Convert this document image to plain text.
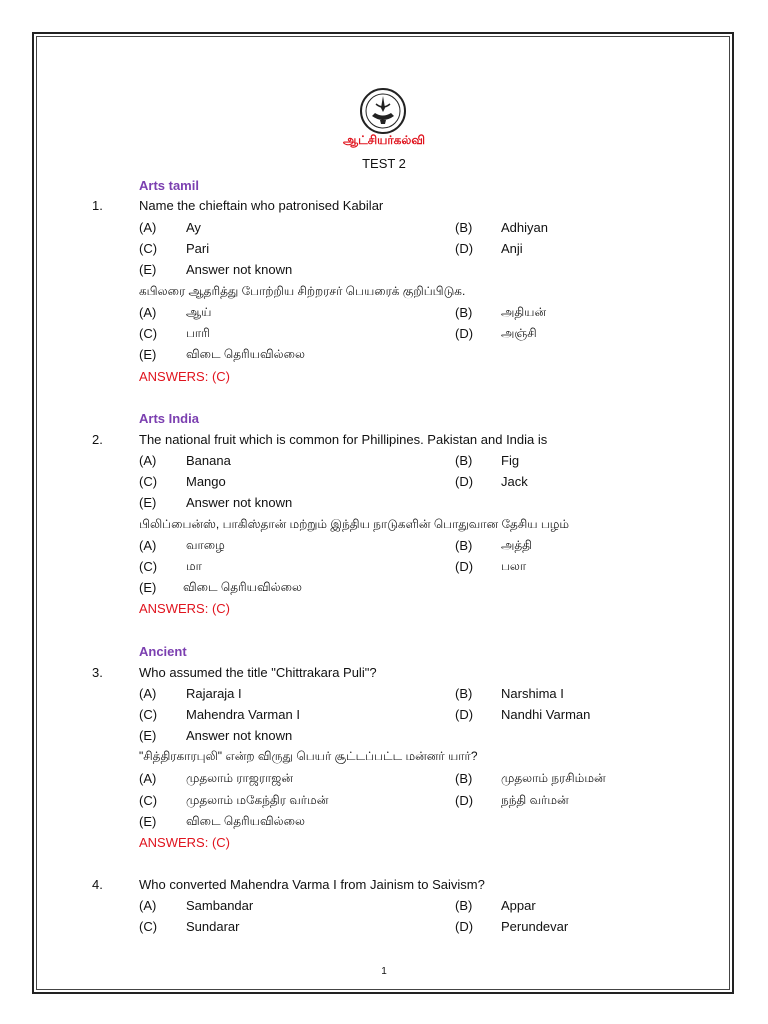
ஆட்சியர்கல்வி
TEST 2
Arts tamil
1.	Name the chieftain who patronised Kabilar
(A) Ay	(B) Adhiyan
(C) Pari	(D) Anji
(E) Answer not known
கபிலரை ஆதரித்து போற்றிய சிற்றரசர் பெயரைக் குறிப்பிடுக.
(A) ஆய்	(B) அதியன்
(C) பாரி	(D) அஞ்சி
(E) விடை தெரியவில்லை
ANSWERS: (C)
Arts India
2.	The national fruit which is common for Phillipines. Pakistan and India is
(A) Banana	(B) Fig
(C) Mango	(D) Jack
(E) Answer not known
பிலிப்பைன்ஸ், பாகிஸ்தான் மற்றும் இந்திய நாடுகளின் பொதுவான தேசிய பழம்
(A) வாழை	(B) அத்தி
(C) மா	(D) பலா
(E) விடை தெரியவில்லை
ANSWERS: (C)
Ancient
3.	Who assumed the title "Chittrakara Puli"?
(A) Rajaraja I	(B) Narshima I
(C) Mahendra Varman I	(D) Nandhi Varman
(E) Answer not known
"சித்திரகாரபுலி" என்ற விருது பெயர் சூட்டப்பட்ட மன்னர் யார்?
(A) முதலாம் ராஜராஜன்	(B) முதலாம் நரசிம்மன்
(C) முதலாம் மகேந்திர வர்மன்	(D) நந்தி வர்மன்
(E) விடை தெரியவில்லை
ANSWERS: (C)
4.	Who converted Mahendra Varma I from Jainism to Saivism?
(A) Sambandar	(B) Appar
(C) Sundarar	(D) Perundevar
1
